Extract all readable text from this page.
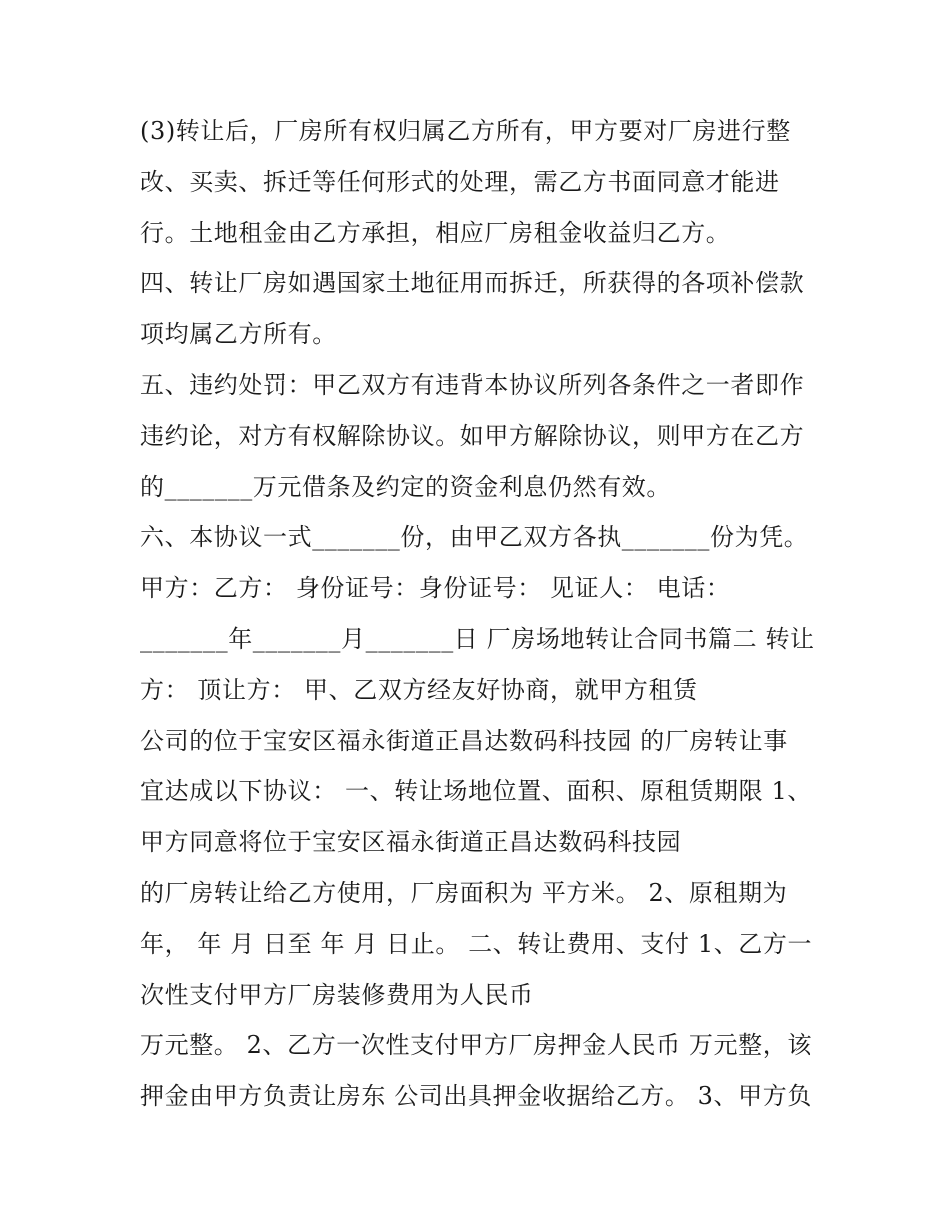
(3)转让后，厂房所有权归属乙方所有，甲方要对厂房进行整
改、买卖、拆迁等任何形式的处理，需乙方书面同意才能进
行。土地租金由乙方承担，相应厂房租金收益归乙方。
四、转让厂房如遇国家土地征用而拆迁，所获得的各项补偿款
项均属乙方所有。
五、违约处罚：甲乙双方有违背本协议所列各条件之一者即作
违约论，对方有权解除协议。如甲方解除协议，则甲方在乙方
的_______万元借条及约定的资金利息仍然有效。
六、本协议一式_______份，由甲乙双方各执_______份为凭。
甲方：乙方： 身份证号：身份证号： 见证人： 电话：
_______年_______月_______日 厂房场地转让合同书篇二 转让
方： 顶让方： 甲、乙双方经友好协商，就甲方租赁
公司的位于宝安区福永街道正昌达数码科技园 的厂房转让事
宜达成以下协议： 一、转让场地位置、面积、原租赁期限 1、
甲方同意将位于宝安区福永街道正昌达数码科技园
的厂房转让给乙方使用，厂房面积为 平方米。 2、原租期为
年， 年 月 日至 年 月 日止。 二、转让费用、支付 1、乙方一
次性支付甲方厂房装修费用为人民币
万元整。 2、乙方一次性支付甲方厂房押金人民币 万元整，该
押金由甲方负责让房东 公司出具押金收据给乙方。 3、甲方负
